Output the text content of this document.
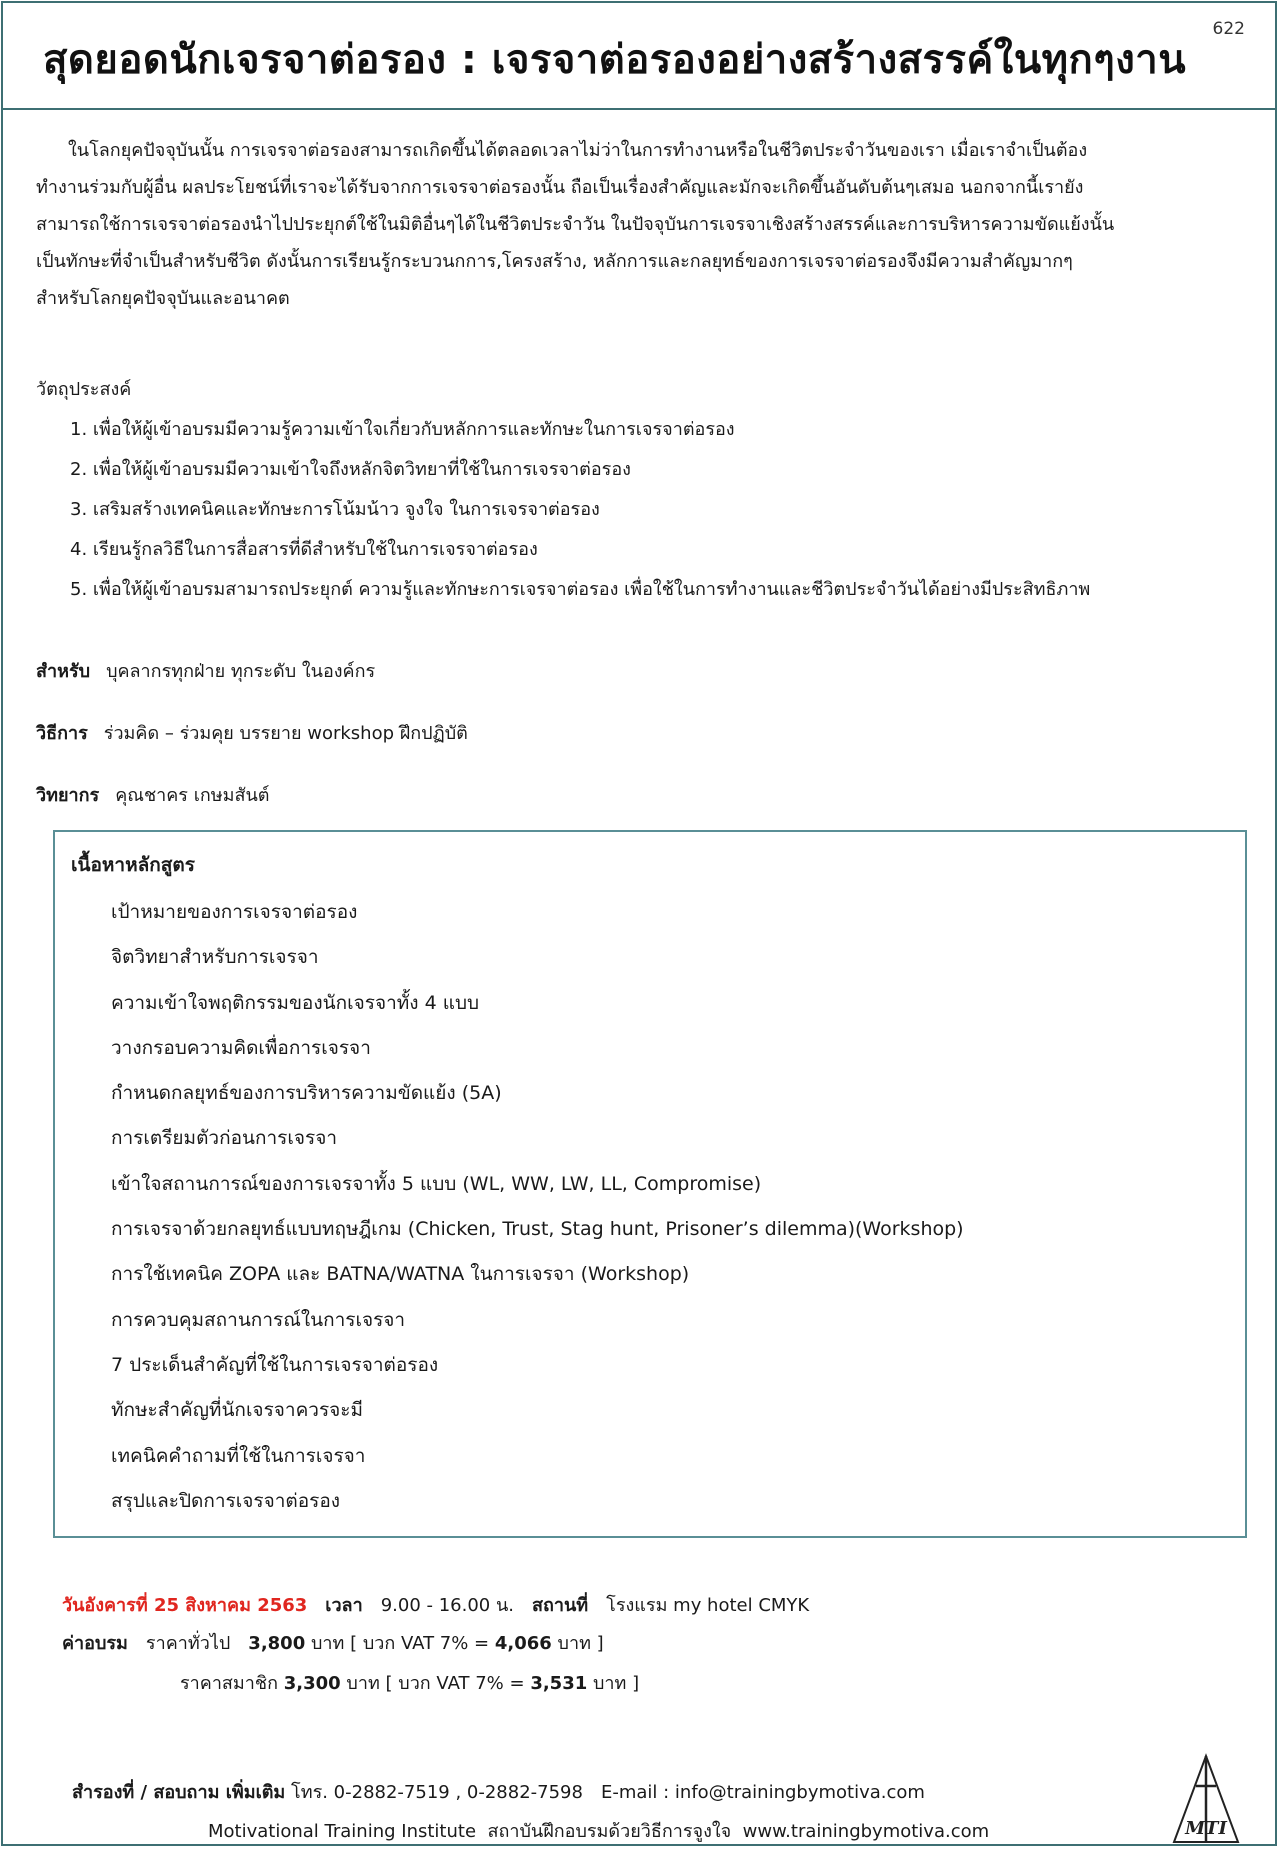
สุดยอดนักเจรจาต่อรอง : เจรจาต่อรองอย่างสร้างสรรค์ในทุกๆงาน
622
ในโลกยุคปัจจุบันนั้น การเจรจาต่อรองสามารถเกิดขึ้นได้ตลอดเวลาไม่ว่าในการทำงานหรือในชีวิตประจำวันของเรา เมื่อเราจำเป็นต้อง
ทำงานร่วมกับผู้อื่น ผลประโยชน์ที่เราจะได้รับจากการเจรจาต่อรองนั้น ถือเป็นเรื่องสำคัญและมักจะเกิดขึ้นอันดับต้นๆเสมอ นอกจากนี้เรายัง
สามารถใช้การเจรจาต่อรองนำไปประยุกต์ใช้ในมิติอื่นๆได้ในชีวิตประจำวัน ในปัจจุบันการเจรจาเชิงสร้างสรรค์และการบริหารความขัดแย้งนั้น
เป็นทักษะที่จำเป็นสำหรับชีวิต ดังนั้นการเรียนรู้กระบวนกการ,โครงสร้าง, หลักการและกลยุทธ์ของการเจรจาต่อรองจึงมีความสำคัญมากๆ
สำหรับโลกยุคปัจจุบันและอนาคต
วัตถุประสงค์
1. เพื่อให้ผู้เข้าอบรมมีความรู้ความเข้าใจเกี่ยวกับหลักการและทักษะในการเจรจาต่อรอง
2. เพื่อให้ผู้เข้าอบรมมีความเข้าใจถึงหลักจิตวิทยาที่ใช้ในการเจรจาต่อรอง
3. เสริมสร้างเทคนิคและทักษะการโน้มน้าว จูงใจ ในการเจรจาต่อรอง
4. เรียนรู้กลวิธีในการสื่อสารที่ดีสำหรับใช้ในการเจรจาต่อรอง
5. เพื่อให้ผู้เข้าอบรมสามารถประยุกต์ ความรู้และทักษะการเจรจาต่อรอง เพื่อใช้ในการทำงานและชีวิตประจำวันได้อย่างมีประสิทธิภาพ
สำหรับ บุคลากรทุกฝ่าย ทุกระดับ ในองค์กร
วิธีการ ร่วมคิด – ร่วมคุย บรรยาย workshop ฝึกปฏิบัติ
วิทยากร คุณชาคร เกษมสันต์
เนื้อหาหลักสูตร
เป้าหมายของการเจรจาต่อรอง
จิตวิทยาสำหรับการเจรจา
ความเข้าใจพฤติกรรมของนักเจรจาทั้ง 4 แบบ
วางกรอบความคิดเพื่อการเจรจา
กำหนดกลยุทธ์ของการบริหารความขัดแย้ง (5A)
การเตรียมตัวก่อนการเจรจา
เข้าใจสถานการณ์ของการเจรจาทั้ง 5 แบบ (WL, WW, LW, LL, Compromise)
การเจรจาด้วยกลยุทธ์แบบทฤษฎีเกม (Chicken, Trust, Stag hunt, Prisoner’s dilemma)(Workshop)
การใช้เทคนิค ZOPA และ BATNA/WATNA ในการเจรจา (Workshop)
การควบคุมสถานการณ์ในการเจรจา
7 ประเด็นสำคัญที่ใช้ในการเจรจาต่อรอง
ทักษะสำคัญที่นักเจรจาควรจะมี
เทคนิคคำถามที่ใช้ในการเจรจา
สรุปและปิดการเจรจาต่อรอง
วันอังคารที่ 25 สิงหาคม 2563 เวลา 9.00 - 16.00 น. สถานที่ โรงแรม my hotel CMYK
ค่าอบรม ราคาทั่วไป 3,800 บาท [ บวก VAT 7% = 4,066 บาท ]
ราคาสมาชิก 3,300 บาท [ บวก VAT 7% = 3,531 บาท ]
สำรองที่ / สอบถาม เพิ่มเติม โทร. 0-2882-7519 , 0-2882-7598 E-mail : info@trainingbymotiva.com
Motivational Training Institute สถาบันฝึกอบรมด้วยวิธีการจูงใจ www.trainingbymotiva.com	MTI
